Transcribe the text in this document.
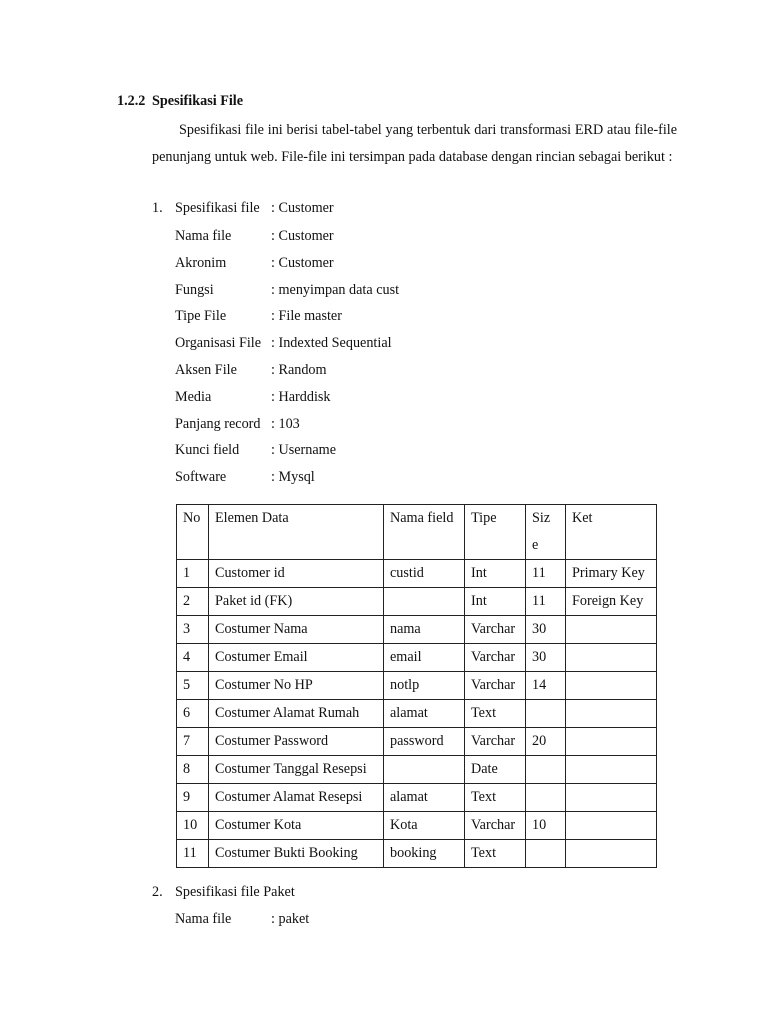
1.2.2 Spesifikasi File
Spesifikasi file ini berisi tabel-tabel yang terbentuk dari transformasi ERD atau file-file penunjang untuk web. File-file ini tersimpan pada database dengan rincian sebagai berikut :
1. Spesifikasi file : Customer
Nama file	: Customer
Akronim	: Customer
Fungsi	: menyimpan data cust
Tipe File	: File master
Organisasi File : Indexted Sequential
Aksen File : Random
Media	: Harddisk
Panjang record : 103
Kunci field : Username
Software	: Mysql
No	Elemen Data	Nama field	Tipe	Siz e	Ket
1	Customer id	custid	Int	11	Primary Key
2	Paket id (FK)		Int	11	Foreign Key
3	Costumer Nama	nama	Varchar	30	
4	Costumer Email	email	Varchar	30	
5	Costumer No HP	notlp	Varchar	14	
6	Costumer Alamat Rumah	alamat	Text		
7	Costumer Password	password	Varchar	20	
8	Costumer Tanggal Resepsi		Date		
9	Costumer Alamat Resepsi	alamat	Text		
10	Costumer Kota	Kota	Varchar	10	
11	Costumer Bukti Booking	booking	Text		
2. Spesifikasi file Paket
Nama file	: paket
